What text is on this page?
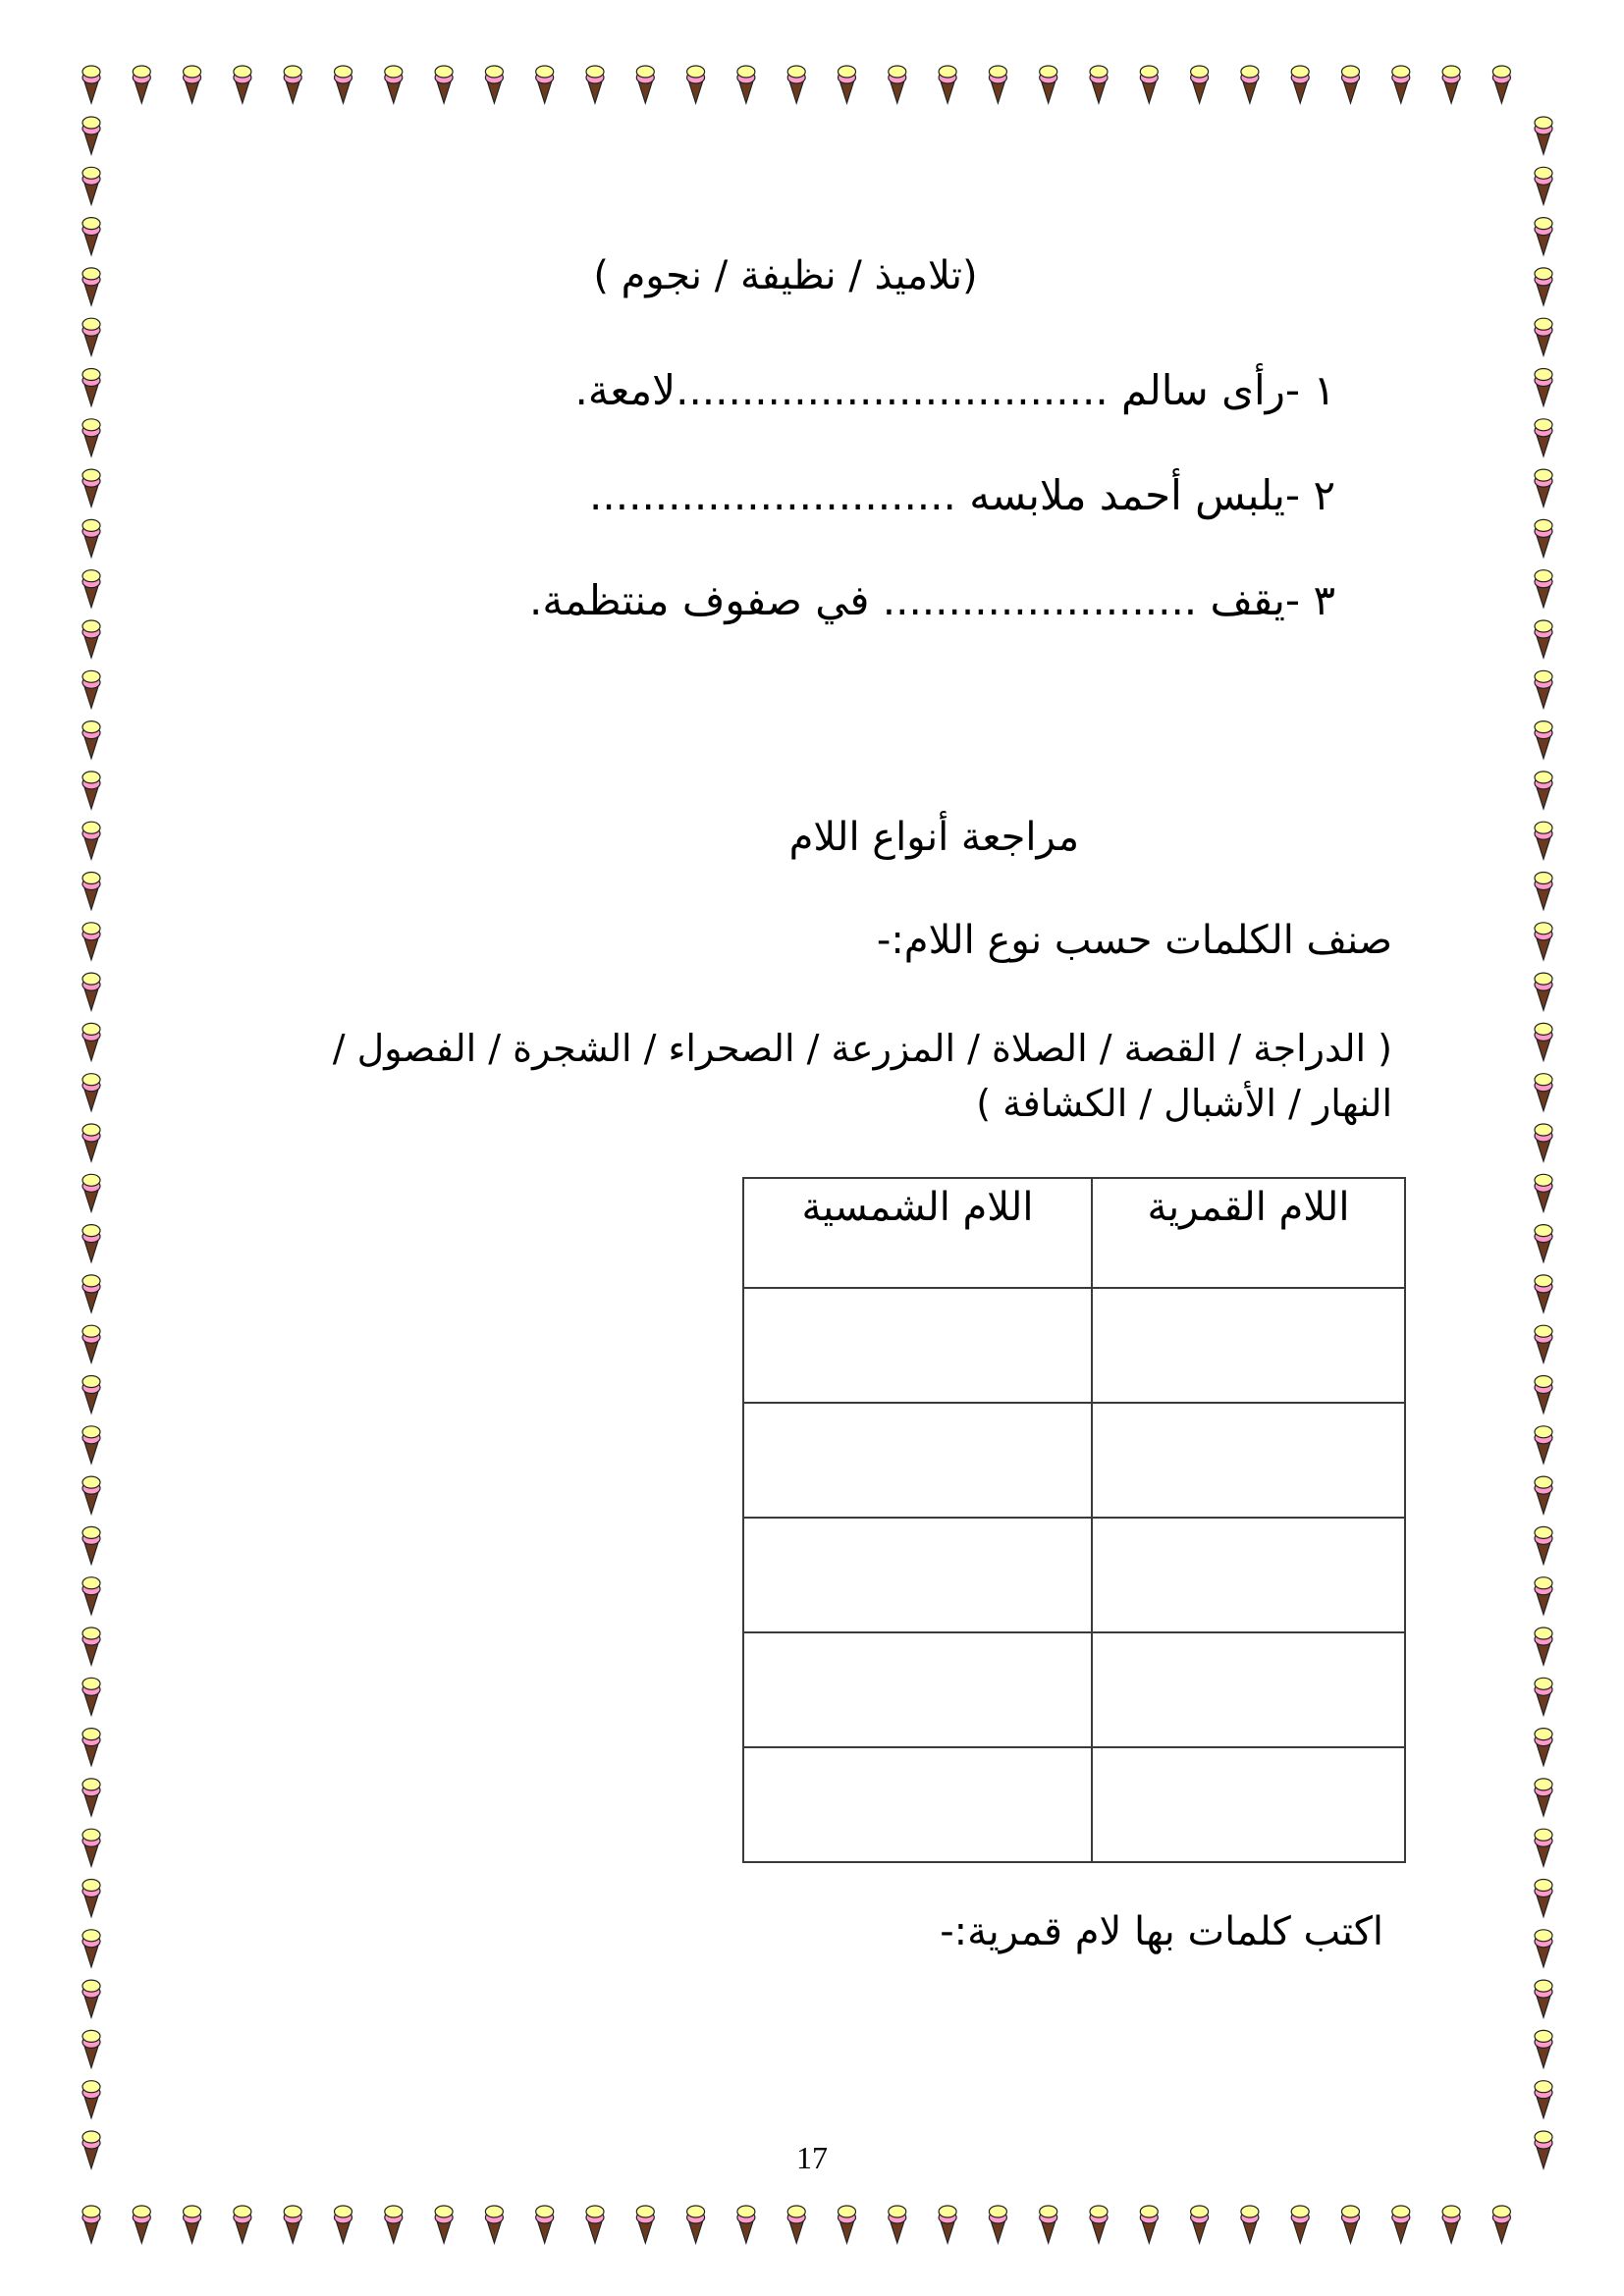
(تلاميذ / نظيفة / نجوم )
١ -رأى سالم .................................لامعة.
٢ -يلبس أحمد ملابسه ............................
٣ -يقف ........................ في صفوف منتظمة.
مراجعة أنواع اللام
صنف الكلمات حسب نوع اللام:-
( الدراجة / القصة / الصلاة / المزرعة / الصحراء / الشجرة / الفصول / النهار / الأشبال / الكشافة )
اللام القمرية	اللام الشمسية

اكتب كلمات بها لام قمرية:-
17
